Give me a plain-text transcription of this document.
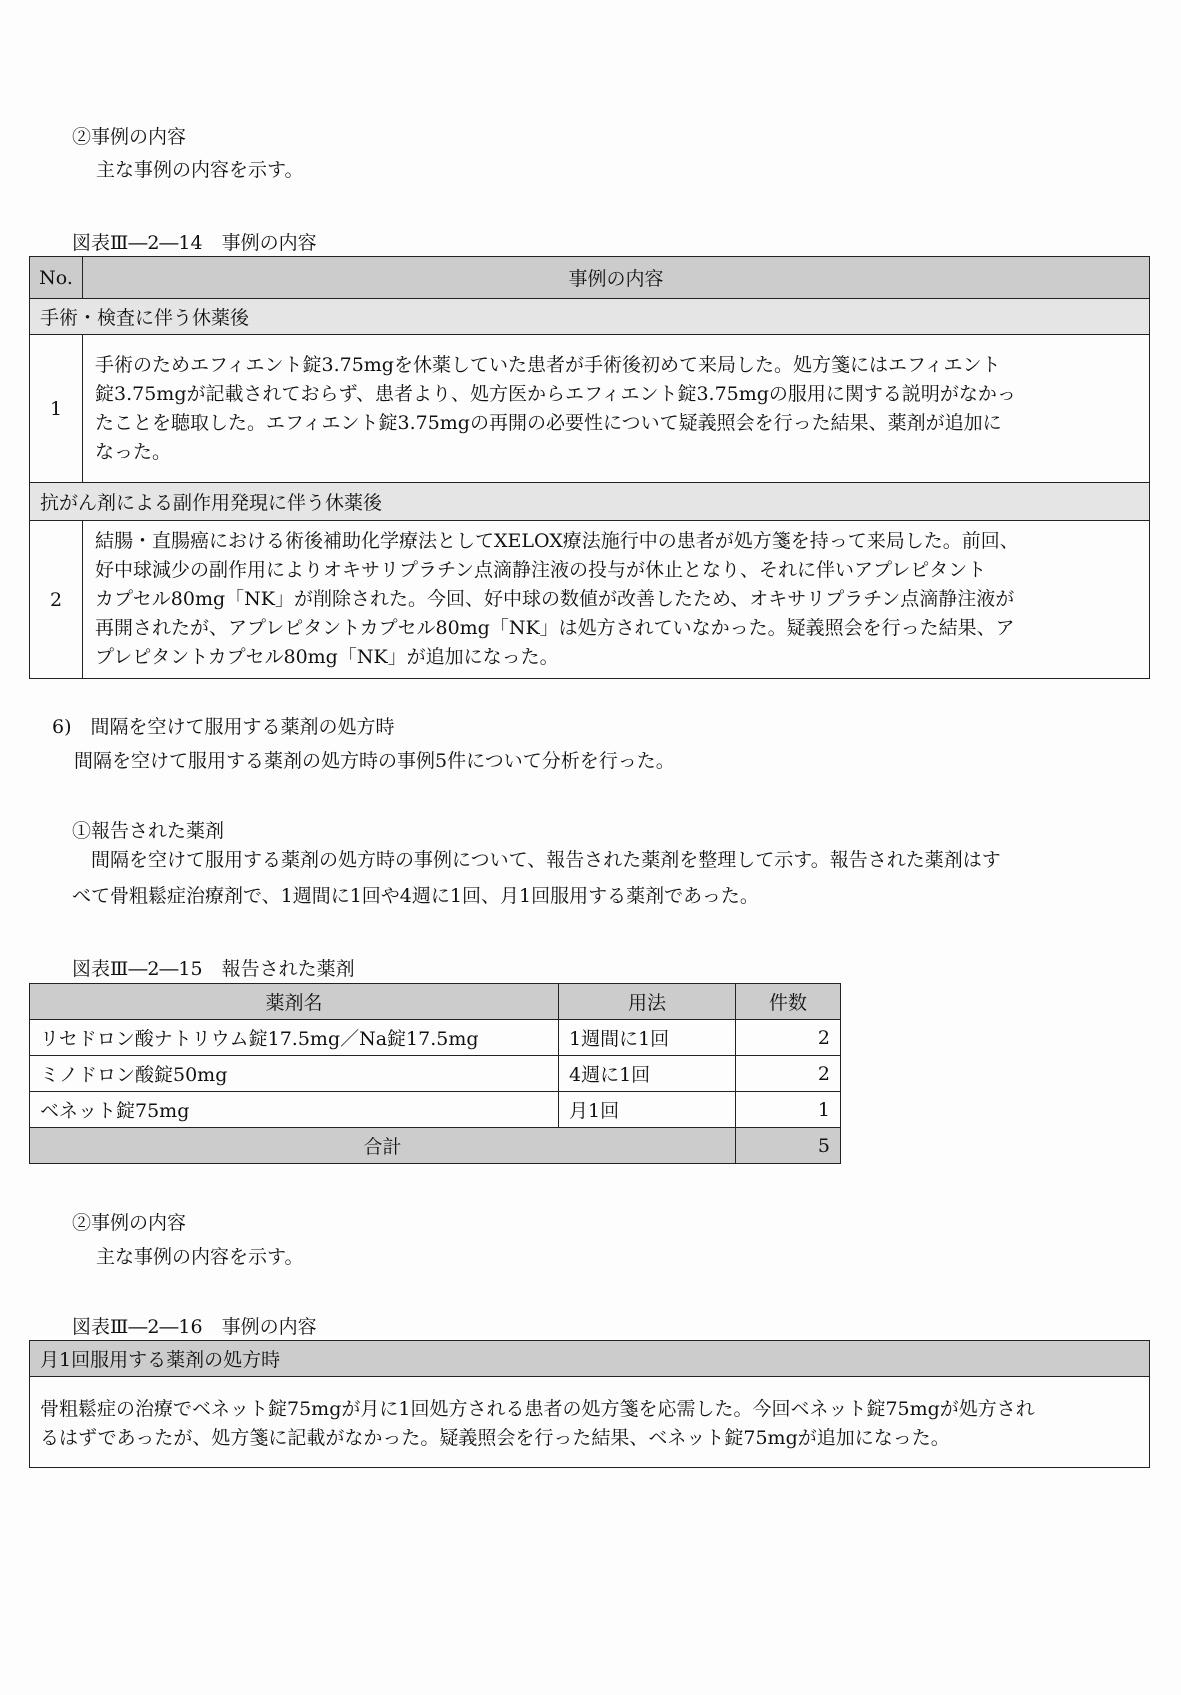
②事例の内容
主な事例の内容を示す。
図表Ⅲ―2―14　事例の内容
No.	事例の内容
手術・検査に伴う休薬後	
1	手術のためエフィエント錠3.75mgを休薬していた患者が手術後初めて来局した。処方箋にはエフィエント
錠3.75mgが記載されておらず、患者より、処方医からエフィエント錠3.75mgの服用に関する説明がなかっ
たことを聴取した。エフィエント錠3.75mgの再開の必要性について疑義照会を行った結果、薬剤が追加に
なった。

抗がん剤による副作用発現に伴う休薬後	
2	結腸・直腸癌における術後補助化学療法としてXELOX療法施行中の患者が処方箋を持って来局した。前回、
好中球減少の副作用によりオキサリプラチン点滴静注液の投与が休止となり、それに伴いアプレピタント
カプセル80mg「NK」が削除された。今回、好中球の数値が改善したため、オキサリプラチン点滴静注液が
再開されたが、アプレピタントカプセル80mg「NK」は処方されていなかった。疑義照会を行った結果、ア
プレピタントカプセル80mg「NK」が追加になった。
6)　間隔を空けて服用する薬剤の処方時
間隔を空けて服用する薬剤の処方時の事例5件について分析を行った。
①報告された薬剤
　間隔を空けて服用する薬剤の処方時の事例について、報告された薬剤を整理して示す。報告された薬剤はす
べて骨粗鬆症治療剤で、1週間に1回や4週に1回、月1回服用する薬剤であった。
図表Ⅲ―2―15　報告された薬剤
薬剤名	用法	件数
リセドロン酸ナトリウム錠17.5mg／Na錠17.5mg	1週間に1回	2
ミノドロン酸錠50mg	4週に1回	2
ベネット錠75mg	月1回	1
合計		5
②事例の内容
主な事例の内容を示す。
図表Ⅲ―2―16　事例の内容
月1回服用する薬剤の処方時

骨粗鬆症の治療でベネット錠75mgが月に1回処方される患者の処方箋を応需した。今回ベネット錠75mgが処方され
るはずであったが、処方箋に記載がなかった。疑義照会を行った結果、ベネット錠75mgが追加になった。
